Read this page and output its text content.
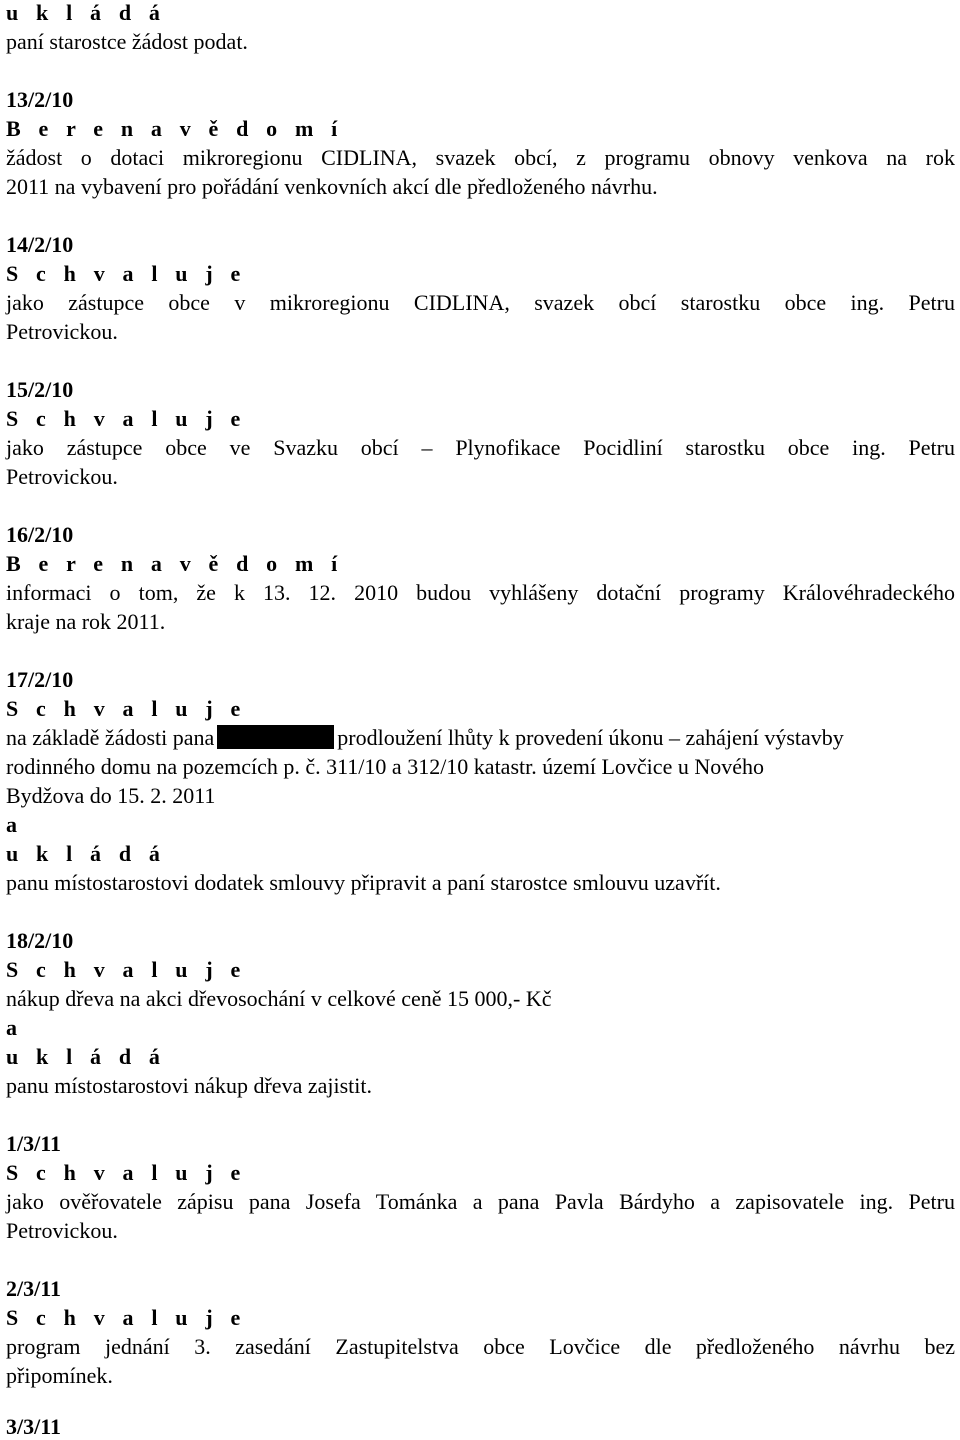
u k l á d á
paní starostce žádost podat.
13/2/10
B e r e n a v ě d o m í
žádost o dotaci mikroregionu CIDLINA, svazek obcí, z programu obnovy venkova na rok
2011 na vybavení pro pořádání venkovních akcí dle předloženého návrhu.
14/2/10
S c h v a l u j e
jako zástupce obce v mikroregionu CIDLINA, svazek obcí starostku obce ing. Petru
Petrovickou.
15/2/10
S c h v a l u j e
jako zástupce obce ve Svazku obcí – Plynofikace Pocidliní starostku obce ing. Petru
Petrovickou.
16/2/10
B e r e n a v ě d o m í
informaci o tom, že k 13. 12. 2010 budou vyhlášeny dotační programy Královéhradeckého
kraje na rok 2011.
17/2/10
S c h v a l u j e
na základě žádosti pana	prodloužení lhůty k provedení úkonu – zahájení výstavby
rodinného domu na pozemcích p. č. 311/10 a 312/10 katastr. území Lovčice u Nového
Bydžova do 15. 2. 2011
a
u k l á d á
panu místostarostovi dodatek smlouvy připravit a paní starostce smlouvu uzavřít.
18/2/10
S c h v a l u j e
nákup dřeva na akci dřevosochání v celkové ceně 15 000,- Kč
a
u k l á d á
panu místostarostovi nákup dřeva zajistit.
1/3/11
S c h v a l u j e
jako ověřovatele zápisu pana Josefa Tománka a pana Pavla Bárdyho a zapisovatele ing. Petru
Petrovickou.
2/3/11
S c h v a l u j e
program jednání 3. zasedání Zastupitelstva obce Lovčice dle předloženého návrhu bez
připomínek.
3/3/11
